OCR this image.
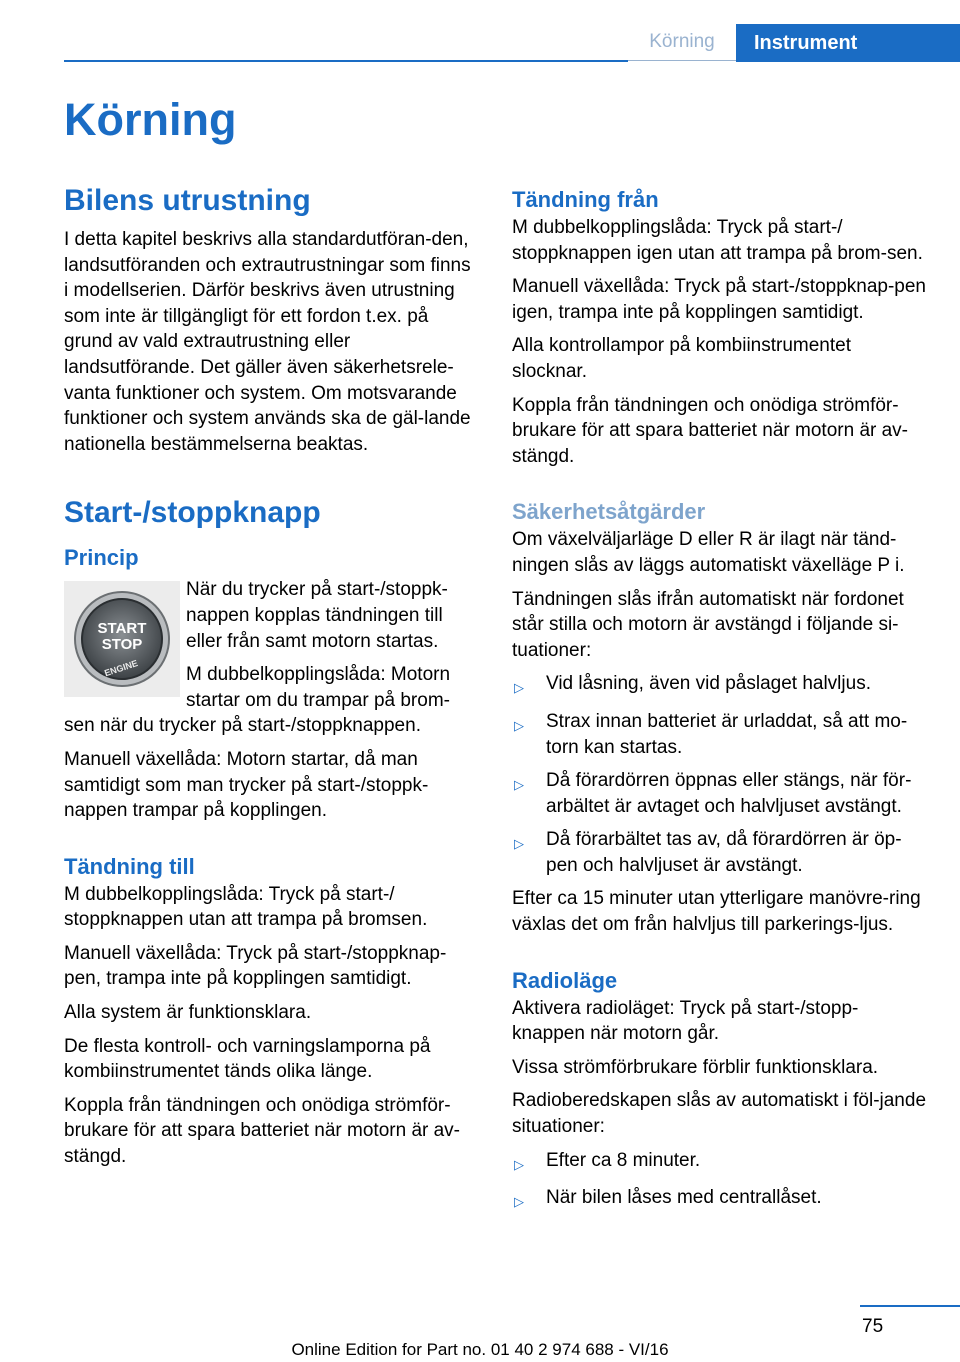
Körning	Instrument
Körning
Bilens utrustning

I detta kapitel beskrivs alla standardutföran-den, landsutföranden och extrautrustningar som finns i modellserien. Därför beskrivs även utrustning som inte är tillgängligt för ett fordon t.ex. på grund av vald extrautrustning eller landsutförande. Det gäller även säkerhetsrele-vanta funktioner och system. Om motsvarande funktioner och system används ska de gäl-lande nationella bestämmelserna beaktas.

Start-/stoppknapp
Princip
START
STOP
ENGINE

När du trycker på start-/stoppk-nappen kopplas tändningen till eller från samt motorn startas.

M dubbelkopplingslåda: Motorn startar om du trampar på brom-sen när du trycker på start-/stoppknappen.

Manuell växellåda: Motorn startar, då man samtidigt som man trycker på start-/stoppk-nappen trampar på kopplingen.

Tändning till

M dubbelkopplingslåda: Tryck på start-/ stoppknappen utan att trampa på bromsen.

Manuell växellåda: Tryck på start-/stoppknap-pen, trampa inte på kopplingen samtidigt.

Alla system är funktionsklara.

De flesta kontroll- och varningslamporna på kombiinstrumentet tänds olika länge.

Koppla från tändningen och onödiga strömför-brukare för att spara batteriet när motorn är av-stängd.

Tändning från

M dubbelkopplingslåda: Tryck på start-/ stoppknappen igen utan att trampa på brom-sen.

Manuell växellåda: Tryck på start-/stoppknap-pen igen, trampa inte på kopplingen samtidigt.

Alla kontrollampor på kombiinstrumentet slocknar.

Koppla från tändningen och onödiga strömför-brukare för att spara batteriet när motorn är av-stängd.

Säkerhetsåtgärder

Om växelväljarläge D eller R är ilagt när tänd-ningen slås av läggs automatiskt växelläge P i.

Tändningen slås ifrån automatiskt när fordonet står stilla och motorn är avstängd i följande si-tuationer:

▷	Vid låsning, även vid påslaget halvljus.
▷	Strax innan batteriet är urladdat, så att mo-torn kan startas.
▷	Då förardörren öppnas eller stängs, när för-arbältet är avtaget och halvljuset avstängt.
▷	Då förarbältet tas av, då förardörren är öp-pen och halvljuset är avstängt.

Efter ca 15 minuter utan ytterligare manövre-ring växlas det om från halvljus till parkerings-ljus.

Radioläge

Aktivera radioläget: Tryck på start-/stopp-knappen när motorn går.

Vissa strömförbrukare förblir funktionsklara.

Radioberedskapen slås av automatiskt i föl-jande situationer:

▷	Efter ca 8 minuter.
▷	När bilen låses med centrallåset.
75
Online Edition for Part no. 01 40 2 974 688 - VI/16
